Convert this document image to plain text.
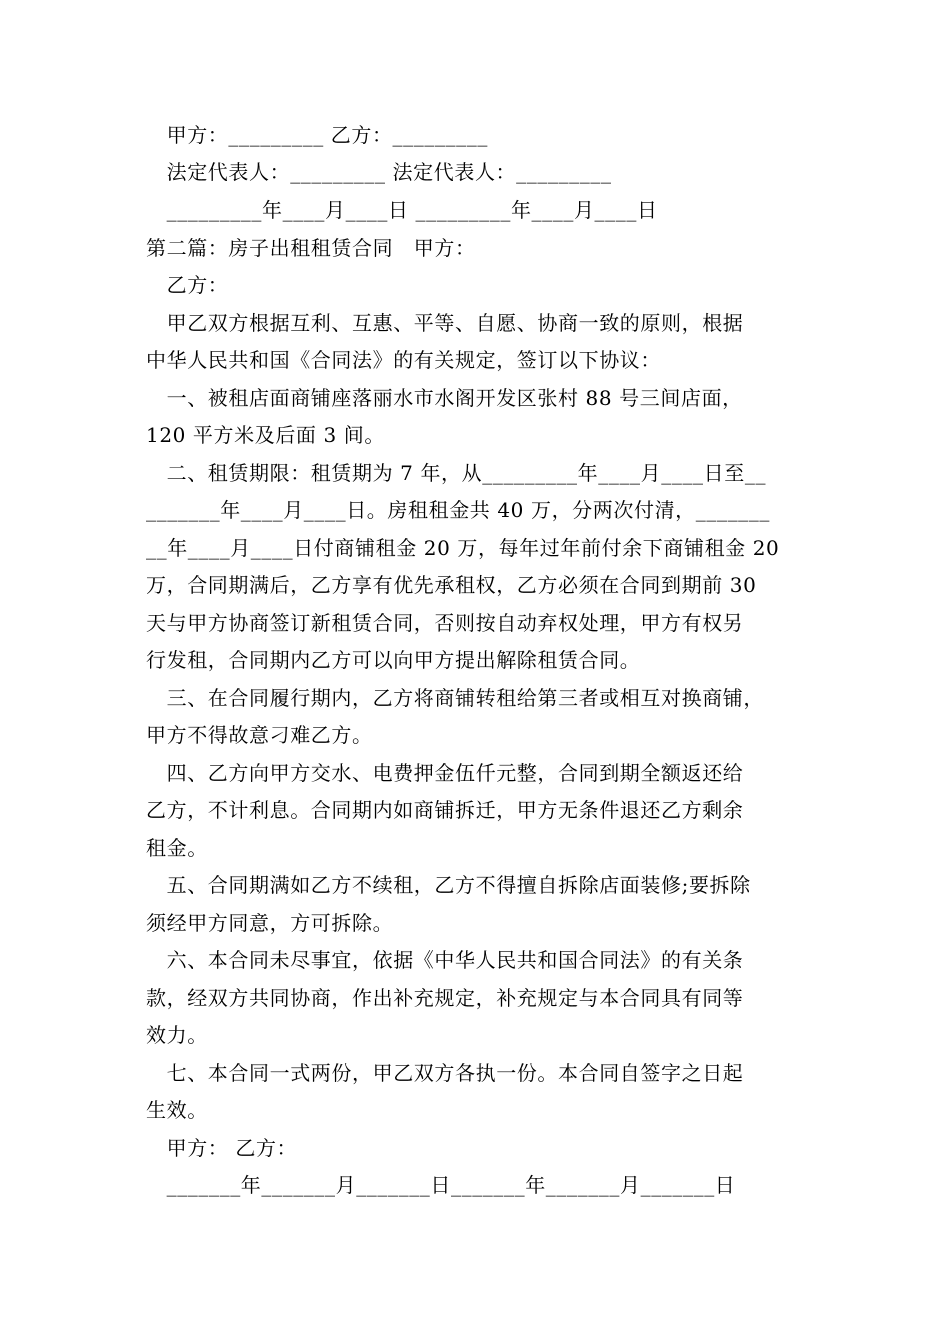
　甲方：_________ 乙方：_________
　法定代表人：_________ 法定代表人：_________
　_________年____月____日 _________年____月____日
第二篇：房子出租租赁合同　甲方：
　乙方：
　甲乙双方根据互利、互惠、平等、自愿、协商一致的原则，根据
中华人民共和国《合同法》的有关规定，签订以下协议：
　一、被租店面商铺座落丽水市水阁开发区张村 88 号三间店面，
120 平方米及后面 3 间。
　二、租赁期限：租赁期为 7 年，从_________年____月____日至__
_______年____月____日。房租租金共 40 万，分两次付清，_______
__年____月____日付商铺租金 20 万，每年过年前付余下商铺租金 20
万，合同期满后，乙方享有优先承租权，乙方必须在合同到期前 30
天与甲方协商签订新租赁合同，否则按自动弃权处理，甲方有权另
行发租，合同期内乙方可以向甲方提出解除租赁合同。
　三、在合同履行期内，乙方将商铺转租给第三者或相互对换商铺，
甲方不得故意刁难乙方。
　四、乙方向甲方交水、电费押金伍仟元整，合同到期全额返还给
乙方，不计利息。合同期内如商铺拆迁，甲方无条件退还乙方剩余
租金。
　五、合同期满如乙方不续租，乙方不得擅自拆除店面装修;要拆除
须经甲方同意，方可拆除。
　六、本合同未尽事宜，依据《中华人民共和国合同法》的有关条
款，经双方共同协商，作出补充规定，补充规定与本合同具有同等
效力。
　七、本合同一式两份，甲乙双方各执一份。本合同自签字之日起
生效。
　甲方： 乙方：
　_______年_______月_______日_______年_______月_______日
